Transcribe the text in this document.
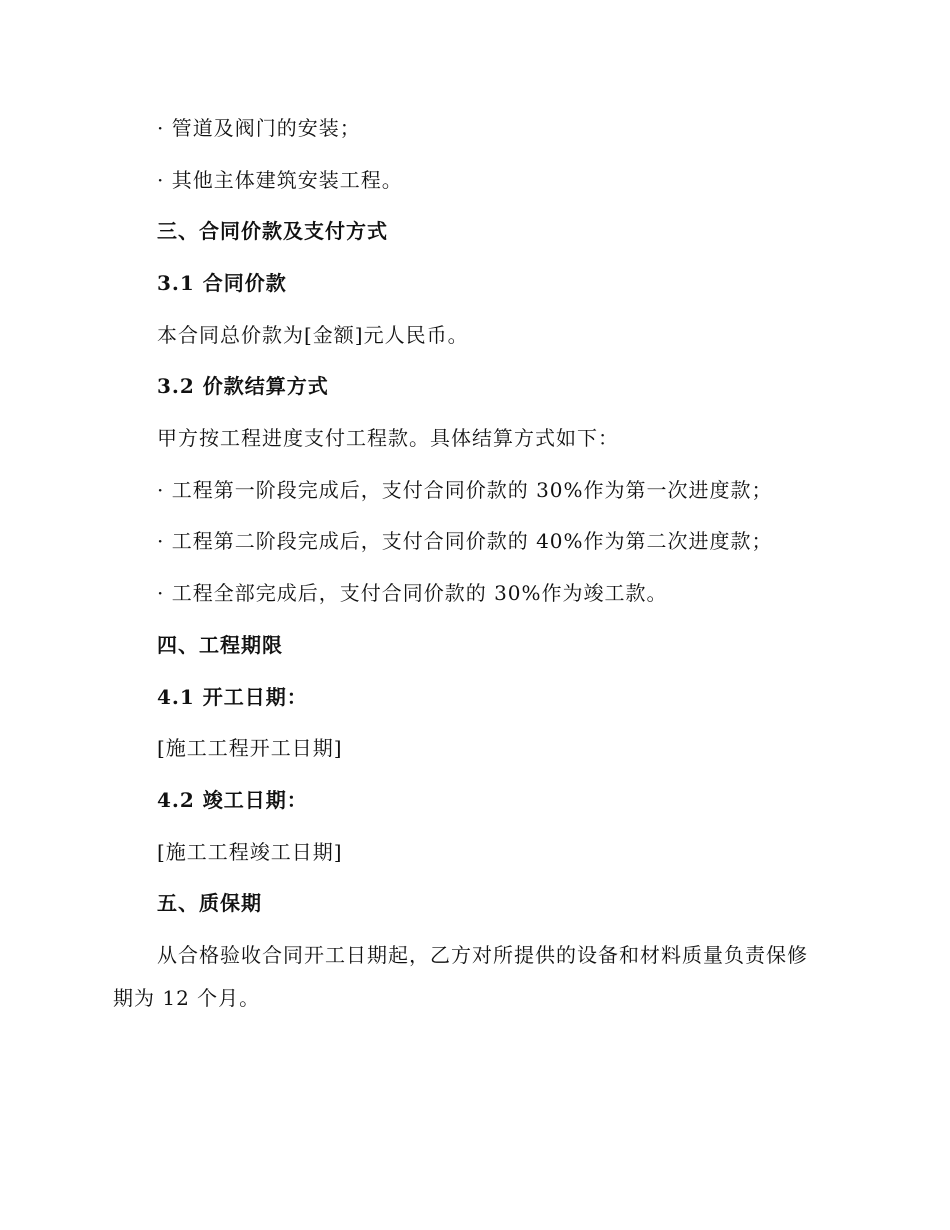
· 管道及阀门的安装；
· 其他主体建筑安装工程。
三、合同价款及支付方式
3.1 合同价款
本合同总价款为[金额]元人民币。
3.2 价款结算方式
甲方按工程进度支付工程款。具体结算方式如下：
· 工程第一阶段完成后，支付合同价款的 30%作为第一次进度款；
· 工程第二阶段完成后，支付合同价款的 40%作为第二次进度款；
· 工程全部完成后，支付合同价款的 30%作为竣工款。
四、工程期限
4.1 开工日期：
[施工工程开工日期]
4.2 竣工日期：
[施工工程竣工日期]
五、质保期
从合格验收合同开工日期起，乙方对所提供的设备和材料质量负责保修
期为 12 个月。
